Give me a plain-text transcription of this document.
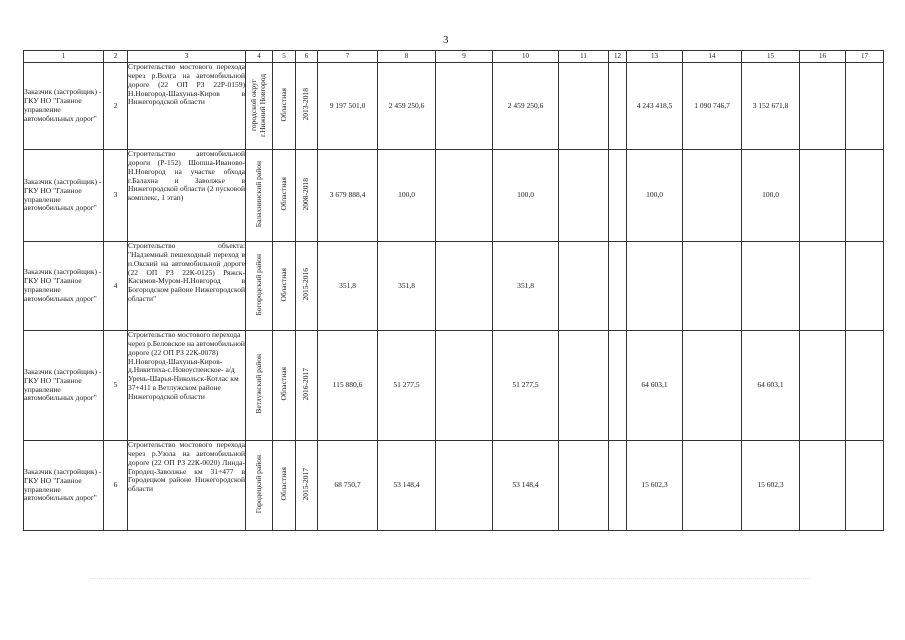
3
1	2	3	4	5	6	7	8	9	10	11	12	13	14	15	16	17
Заказчик (застройщик) - ГКУ НО "Главное управление автомобильных дорог"	2	Строительство мостового перехода через р.Волга на автомобильной дороге (22 ОП РЗ 22Р-0159) Н.Новгород-Шахунья-Киров в Нижегородской области	городской округ г.Нижний Новгород	Областная	2013-2018	9 197 501,0	2 459 250,6		2 459 250,6			4 243 418,5	1 090 746,7	3 152 671,8		
Заказчик (застройщик) - ГКУ НО "Главное управление автомобильных дорог"	3	Строительство автомобильной дороги (Р-152) Шопша-Иваново-Н.Новгород на участке обхода г.Балахна и Заволжье в Нижегородской области (2 пусковой комплекс, 1 этап)	Балахнинский район	Областная	2008-2018	3 679 888,4	100,0		100,0			100,0		100,0		
Заказчик (застройщик) - ГКУ НО "Главное управление автомобильных дорог"	4	Строительство объекта: "Надземный пешеходный переход в п.Окский на автомобильной дороге (22 ОП РЗ 22К-0125) Ряжск-Касимов-Муром-Н.Новгород в Богородском районе Нижегородской области"	Богородский район	Областная	2015-2016	351,8	351,8		351,8							
Заказчик (застройщик) - ГКУ НО "Главное управление автомобильных дорог"	5	Строительство мостового перехода через р.Беловское на автомобильной дороге (22 ОП РЗ 22К-0078) Н.Новгород-Шахунья-Киров-д.Никитиха-с.Новоуспенское- а/д Урень-Шарья-Никольск-Котлас км 37+411 в Ветлужском районе Нижегородской области	Ветлужский район	Областная	2016-2017	115 880,6	51 277,5		51 277,5			64 603,1		64 603,1		
Заказчик (застройщик) - ГКУ НО "Главное управление автомобильных дорог"	6	Строительство мостового перехода через р.Узола на автомобильной дороге (22 ОП РЗ 22К-0020) Линда-Городец-Заволжье км 31+477 в Городецком районе Нижегородской области	Городецкий район	Областная	2015-2017	68 750,7	53 148,4		53 148,4			15 602,3		15 602,3		
